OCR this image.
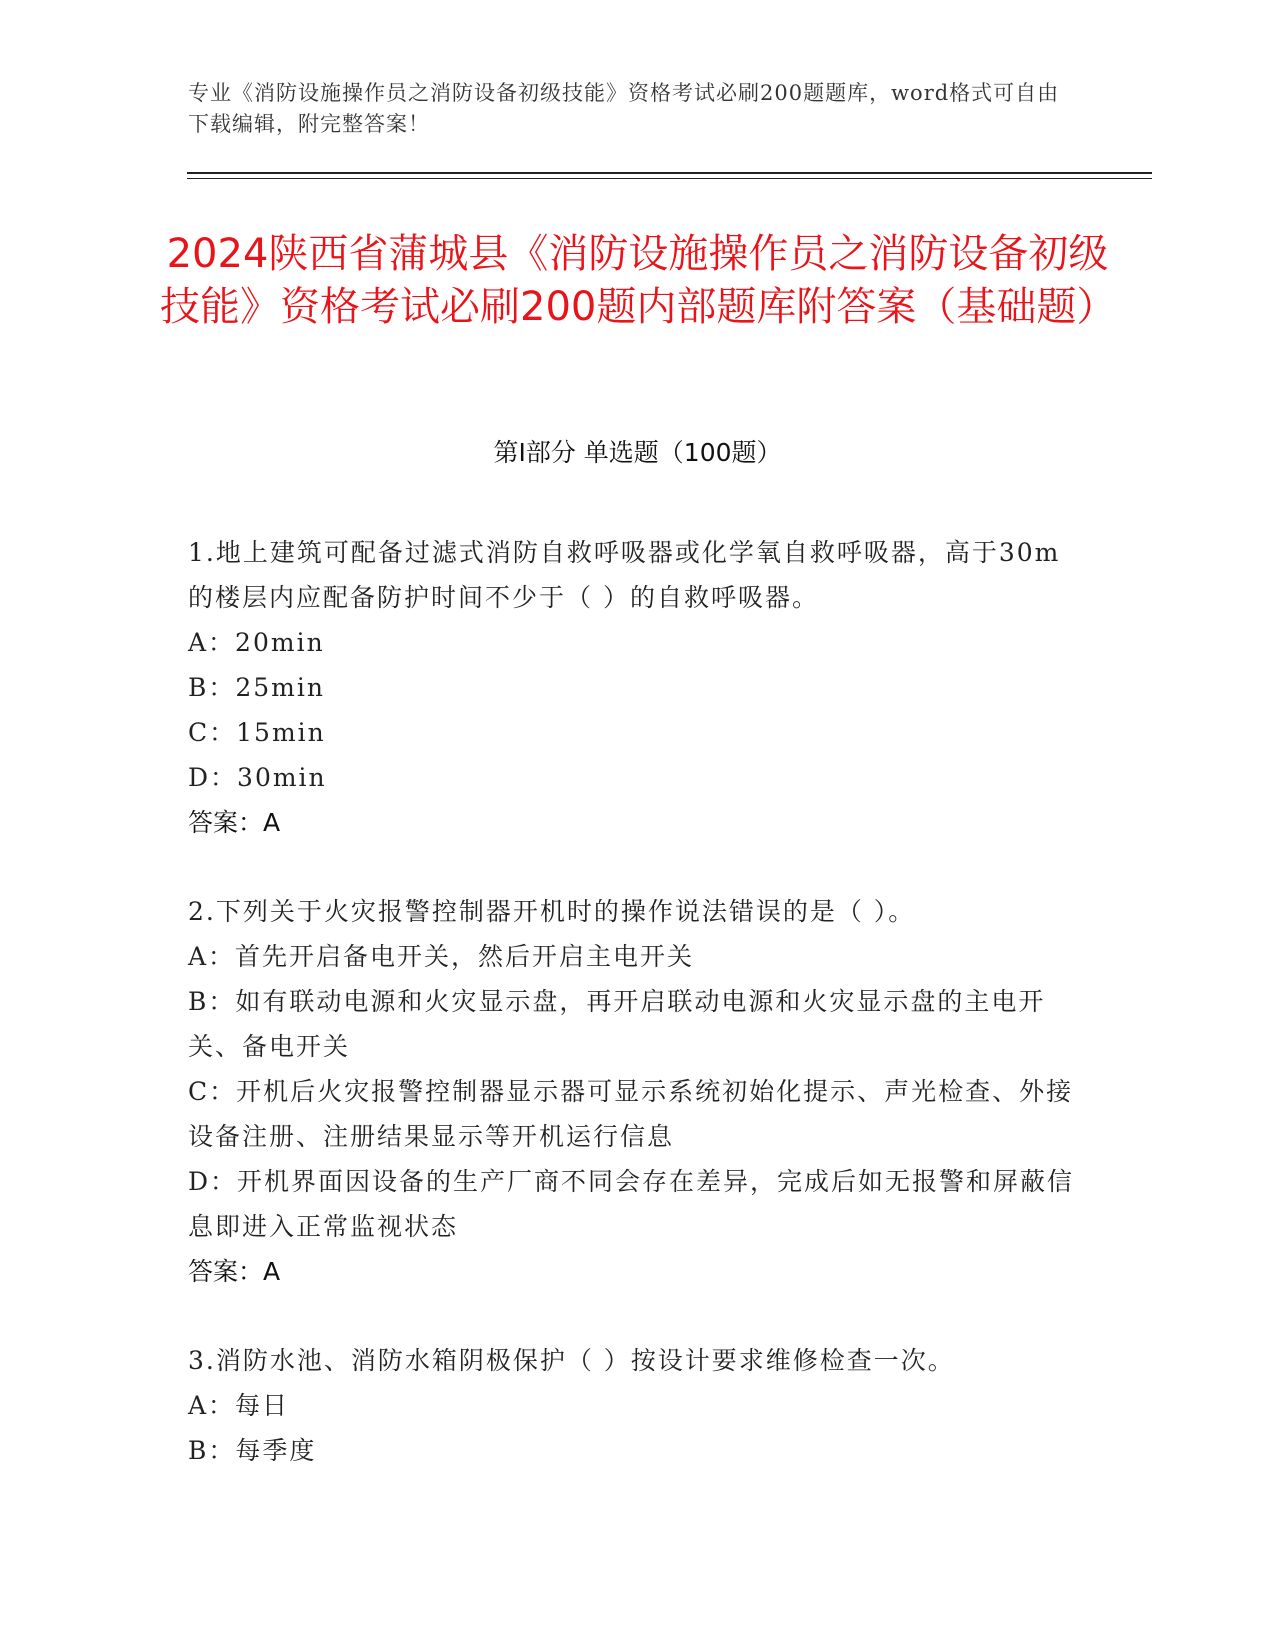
专业《消防设施操作员之消防设备初级技能》资格考试必刷200题题库，word格式可自由下载编辑，附完整答案！
2024陕西省蒲城县《消防设施操作员之消防设备初级技能》资格考试必刷200题内部题库附答案（基础题）
第Ⅰ部分 单选题（100题）
1.地上建筑可配备过滤式消防自救呼吸器或化学氧自救呼吸器，高于30m的楼层内应配备防护时间不少于（ ）的自救呼吸器。
A：20min
B：25min
C：15min
D：30min
答案：A
2.下列关于火灾报警控制器开机时的操作说法错误的是（ ）。
A：首先开启备电开关，然后开启主电开关
B：如有联动电源和火灾显示盘，再开启联动电源和火灾显示盘的主电开关、备电开关
C：开机后火灾报警控制器显示器可显示系统初始化提示、声光检查、外接设备注册、注册结果显示等开机运行信息
D：开机界面因设备的生产厂商不同会存在差异，完成后如无报警和屏蔽信息即进入正常监视状态
答案：A
3.消防水池、消防水箱阴极保护（ ）按设计要求维修检查一次。
A：每日
B：每季度
